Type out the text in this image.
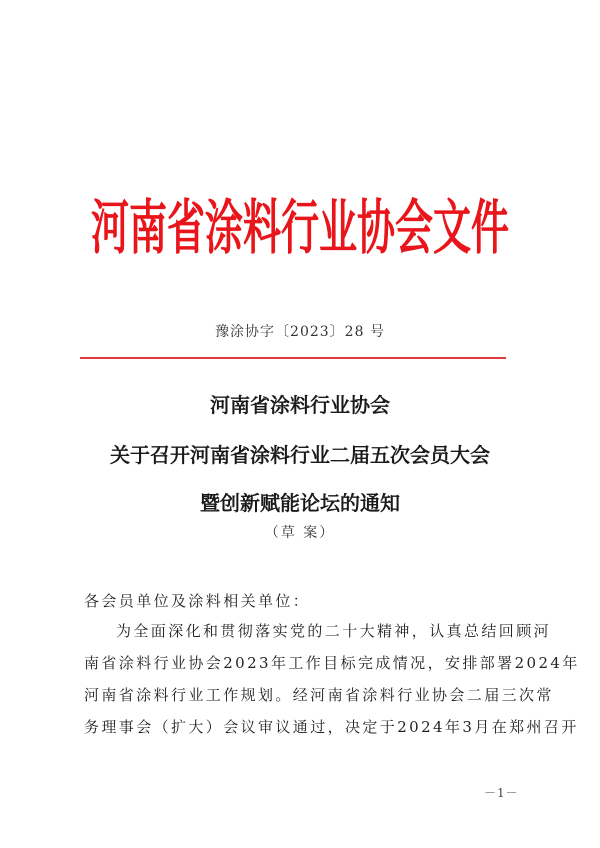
河南省涂料行业协会文件
豫涂协字〔2023〕28 号
河南省涂料行业协会
关于召开河南省涂料行业二届五次会员大会
暨创新赋能论坛的通知
（草 案）
各会员单位及涂料相关单位：
为全面深化和贯彻落实党的二十大精神，认真总结回顾河
南省涂料行业协会2023年工作目标完成情况，安排部署2024年
河南省涂料行业工作规划。经河南省涂料行业协会二届三次常
务理事会（扩大）会议审议通过，决定于2024年3月在郑州召开
－1－
